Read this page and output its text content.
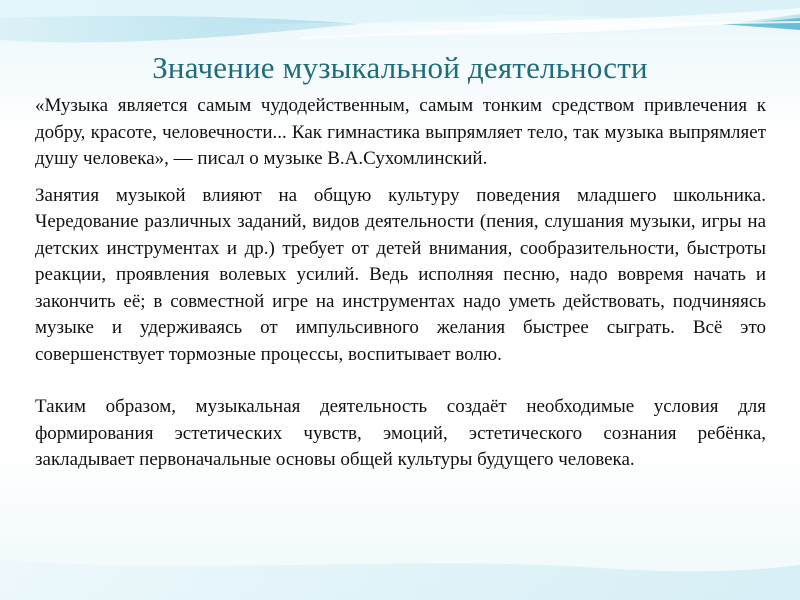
Значение музыкальной деятельности

«Музыка является самым чудодейственным, самым тонким средством привлечения к добру, красоте, человечности... Как гимнастика выпрямляет тело, так музыка выпрямляет душу человека», — писал о музыке В.А.Сухомлинский.

Занятия музыкой влияют на общую культуру поведения младшего школьника. Чередование различных заданий, видов деятельности (пения, слушания музыки, игры на детских инструментах и др.) требует от детей внимания, сообразительности, быстроты реакции, проявления волевых усилий. Ведь исполняя песню, надо вовремя начать и закончить её; в совместной игре на инструментах надо уметь действовать, подчиняясь музыке и удерживаясь от импульсивного желания быстрее сыграть. Всё это совершенствует тормозные процессы, воспитывает волю.

Таким образом, музыкальная деятельность создаёт необходимые условия для формирования эстетических чувств, эмоций, эстетического сознания ребёнка, закладывает первоначальные основы общей культуры будущего человека.
